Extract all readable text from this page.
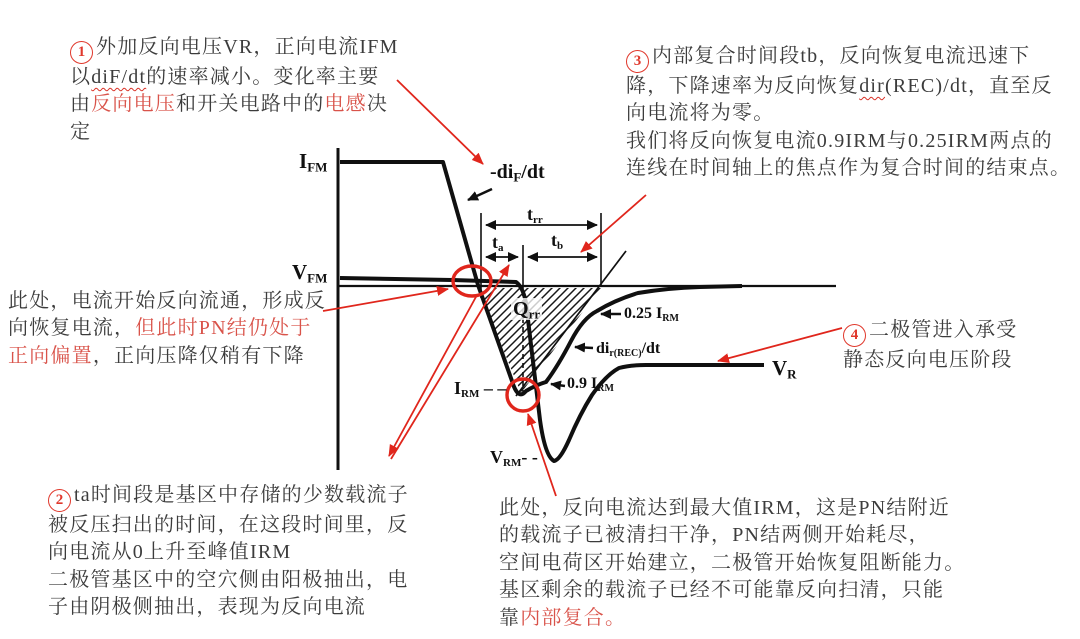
$I_{FM}$
$V_{FM}$
$-di_F/dt$
$t_{rr}$
$t_a$	$t_b$
$Q_{rr}$	0.25 $I_{RM}$
$di_{r(REC)}/dt$
$I_{RM}$ – –	0.9 $I_{RM}$
$V_{RM}-$ -
$V_R$
1 外加反向电压VR，正向电流IFM
以diF/dt的速率减小。变化率主要
由反向电压和开关电路中的电感决
定
3 内部复合时间段tb，反向恢复电流迅速下
降，下降速率为反向恢复dir(REC)/dt，直至反
向电流将为零。
我们将反向恢复电流0.9IRM与0.25IRM两点的
连线在时间轴上的焦点作为复合时间的结束点。
此处，电流开始反向流通，形成反
向恢复电流，但此时PN结仍处于
正向偏置，正向压降仅稍有下降
2 ta时间段是基区中存储的少数载流子
被反压扫出的时间，在这段时间里，反
向电流从0上升至峰值IRM
二极管基区中的空穴侧由阳极抽出，电
子由阴极侧抽出，表现为反向电流
此处，反向电流达到最大值IRM，这是PN结附近
的载流子已被清扫干净，PN结两侧开始耗尽，
空间电荷区开始建立，二极管开始恢复阻断能力。
基区剩余的载流子已经不可能靠反向扫清，只能
靠内部复合。
4 二极管进入承受
静态反向电压阶段
